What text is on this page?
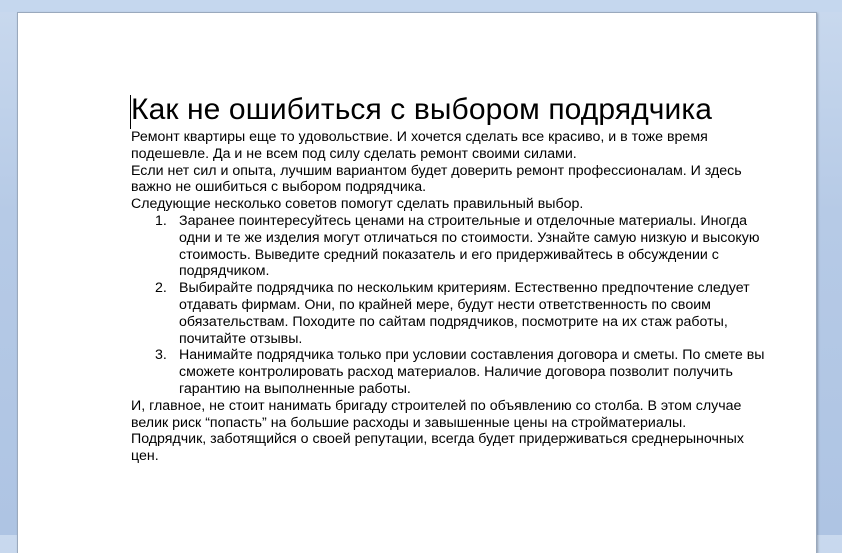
Как не ошибиться с выбором подрядчика

Ремонт квартиры еще то удовольствие. И хочется сделать все красиво, и в тоже время подешевле. Да и не всем под силу сделать ремонт своими силами.

Если нет сил и опыта, лучшим вариантом будет доверить ремонт профессионалам. И здесь важно не ошибиться с выбором подрядчика.

Следующие несколько советов помогут сделать правильный выбор.

1. Заранее поинтересуйтесь ценами на строительные и отделочные материалы. Иногда одни и те же изделия могут отличаться по стоимости. Узнайте самую низкую и высокую стоимость. Выведите средний показатель и его придерживайтесь в обсуждении с подрядчиком.
2. Выбирайте подрядчика по нескольким критериям. Естественно предпочтение следует отдавать фирмам. Они, по крайней мере, будут нести ответственность по своим обязательствам. Походите по сайтам подрядчиков, посмотрите на их стаж работы, почитайте отзывы.
3. Нанимайте подрядчика только при условии составления договора и сметы. По смете вы сможете контролировать расход материалов. Наличие договора позволит получить гарантию на выполненные работы.

И, главное, не стоит нанимать бригаду строителей по объявлению со столба. В этом случае велик риск “попасть” на большие расходы и завышенные цены на стройматериалы.

Подрядчик, заботящийся о своей репутации, всегда будет придерживаться среднерыночных цен.
